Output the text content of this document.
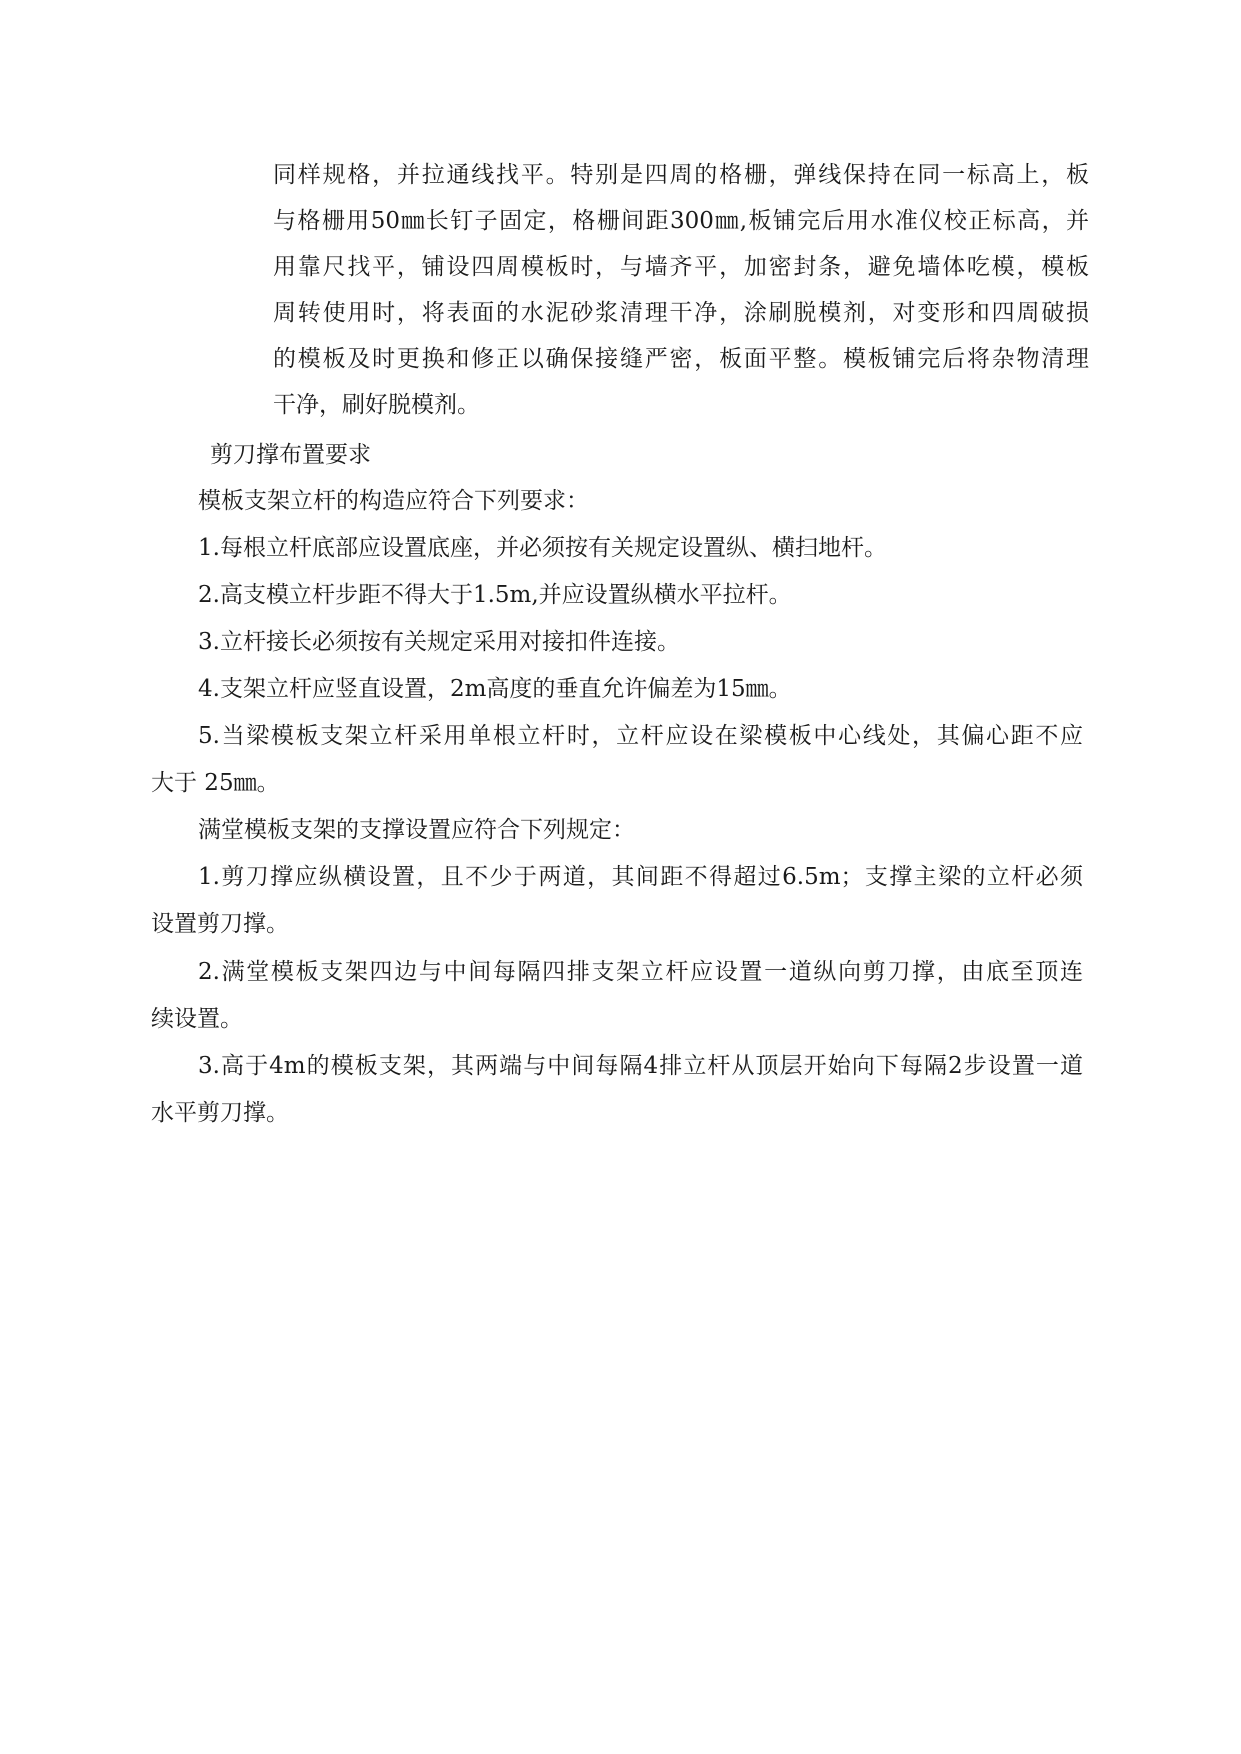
同样规格，并拉通线找平。特别是四周的格栅，弹线保持在同一标高上，板
与格栅用50㎜长钉子固定，格栅间距300㎜,板铺完后用水准仪校正标高，并
用靠尺找平，铺设四周模板时，与墙齐平，加密封条，避免墙体吃模，模板
周转使用时，将表面的水泥砂浆清理干净，涂刷脱模剂，对变形和四周破损
的模板及时更换和修正以确保接缝严密，板面平整。模板铺完后将杂物清理
干净，刷好脱模剂。
剪刀撑布置要求
模板支架立杆的构造应符合下列要求：
1.每根立杆底部应设置底座，并必须按有关规定设置纵、横扫地杆。
2.高支模立杆步距不得大于1.5m,并应设置纵横水平拉杆。
3.立杆接长必须按有关规定采用对接扣件连接。
4.支架立杆应竖直设置，2m高度的垂直允许偏差为15㎜。
5.当梁模板支架立杆采用单根立杆时，立杆应设在梁模板中心线处，其偏心距不应
大于 25㎜。
满堂模板支架的支撑设置应符合下列规定：
1.剪刀撑应纵横设置，且不少于两道，其间距不得超过6.5m；支撑主梁的立杆必须
设置剪刀撑。
2.满堂模板支架四边与中间每隔四排支架立杆应设置一道纵向剪刀撑，由底至顶连
续设置。
3.高于4m的模板支架，其两端与中间每隔4排立杆从顶层开始向下每隔2步设置一道
水平剪刀撑。
